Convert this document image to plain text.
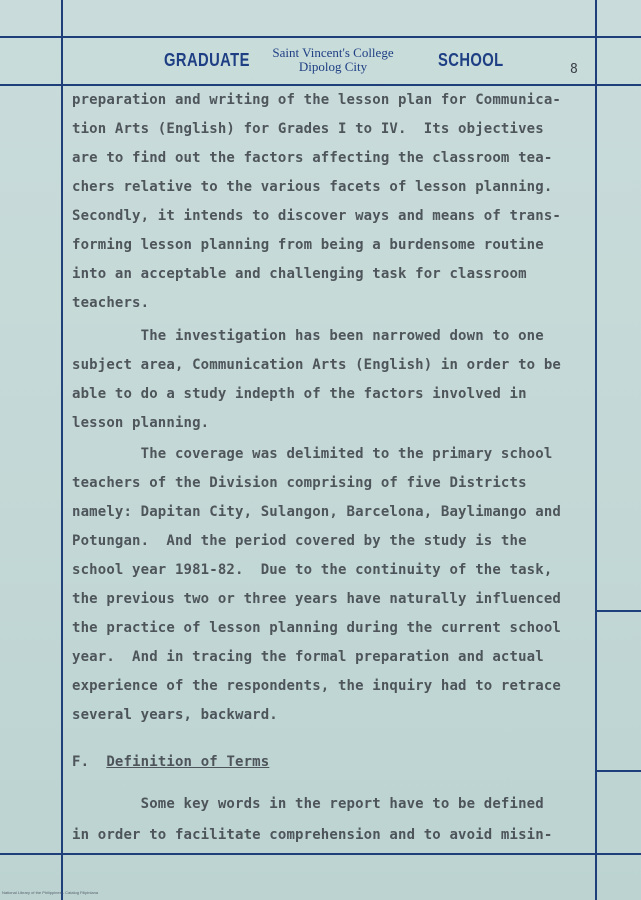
GRADUATE	Saint Vincent's College
Dipolog City	SCHOOL	8
preparation and writing of the lesson plan for Communica-
tion Arts (English) for Grades I to IV.  Its objectives
are to find out the factors affecting the classroom tea-
chers relative to the various facets of lesson planning.
Secondly, it intends to discover ways and means of trans-
forming lesson planning from being a burdensome routine
into an acceptable and challenging task for classroom
teachers.
The investigation has been narrowed down to one
subject area, Communication Arts (English) in order to be
able to do a study indepth of the factors involved in
lesson planning.
The coverage was delimited to the primary school
teachers of the Division comprising of five Districts
namely: Dapitan City, Sulangon, Barcelona, Baylimango and
Potungan.  And the period covered by the study is the
school year 1981-82.  Due to the continuity of the task,
the previous two or three years have naturally influenced
the practice of lesson planning during the current school
year.  And in tracing the formal preparation and actual
experience of the respondents, the inquiry had to retrace
several years, backward.
F. Definition of Terms
Some key words in the report have to be defined
in order to facilitate comprehension and to avoid misin-
National Library of the Philippines - Catalog Filipiniana
